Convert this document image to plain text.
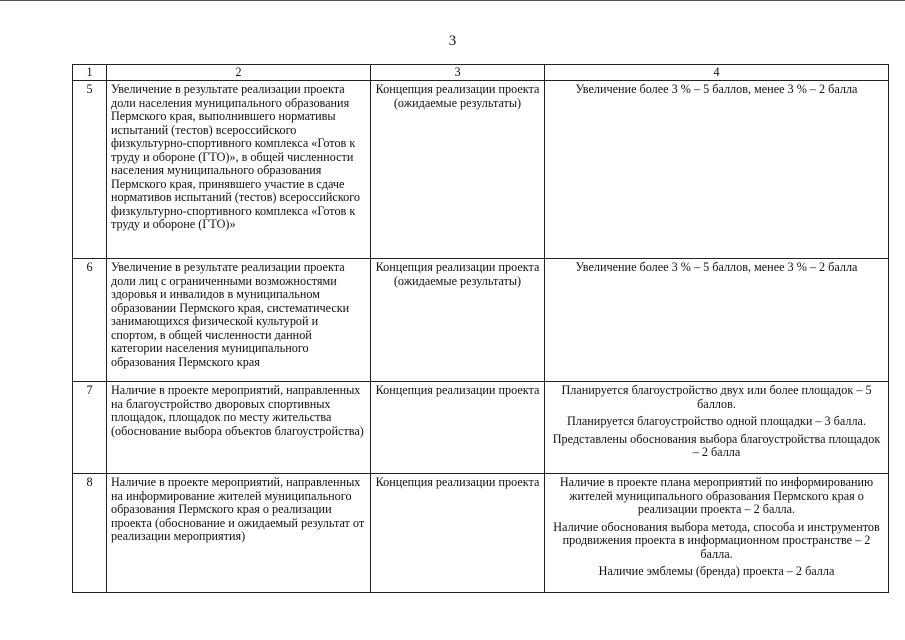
3
1	2	3	4
5	Увеличение в результате реализации проекта доли населения муниципального образования Пермского края, выполнившего нормативы испытаний (тестов) всероссийского физкультурно-спортивного комплекса «Готов к труду и обороне (ГТО)», в общей численности населения муниципального образования Пермского края, принявшего участие в сдаче нормативов испытаний (тестов) всероссийского физкультурно-спортивного комплекса «Готов к труду и обороне (ГТО)»	Концепция реализации проекта (ожидаемые результаты)	Увеличение более 3 % – 5 баллов, менее 3 % – 2 балла

6	Увеличение в результате реализации проекта доли лиц с ограниченными возможностями здоровья и инвалидов в муниципальном образовании Пермского края, систематически занимающихся физической культурой и спортом, в общей численности данной категории населения муниципального образования Пермского края	Концепция реализации проекта (ожидаемые результаты)	Увеличение более 3 % – 5 баллов, менее 3 % – 2 балла

7	Наличие в проекте мероприятий, направленных на благоустройство дворовых спортивных площадок, площадок по месту жительства (обоснование выбора объектов благоустройства)	Концепция реализации проекта	Планируется благоустройство двух или более площадок – 5 баллов.

Планируется благоустройство одной площадки – 3 балла.

Представлены обоснования выбора благоустройства площадок – 2 балла

8	Наличие в проекте мероприятий, направленных на информирование жителей муниципального образования Пермского края о реализации проекта (обоснование и ожидаемый результат от реализации мероприятия)	Концепция реализации проекта	Наличие в проекте плана мероприятий по информированию жителей муниципального образования Пермского края о реализации проекта – 2 балла.

Наличие обоснования выбора метода, способа и инструментов продвижения проекта в информационном пространстве – 2 балла.

Наличие эмблемы (бренда) проекта – 2 балла
